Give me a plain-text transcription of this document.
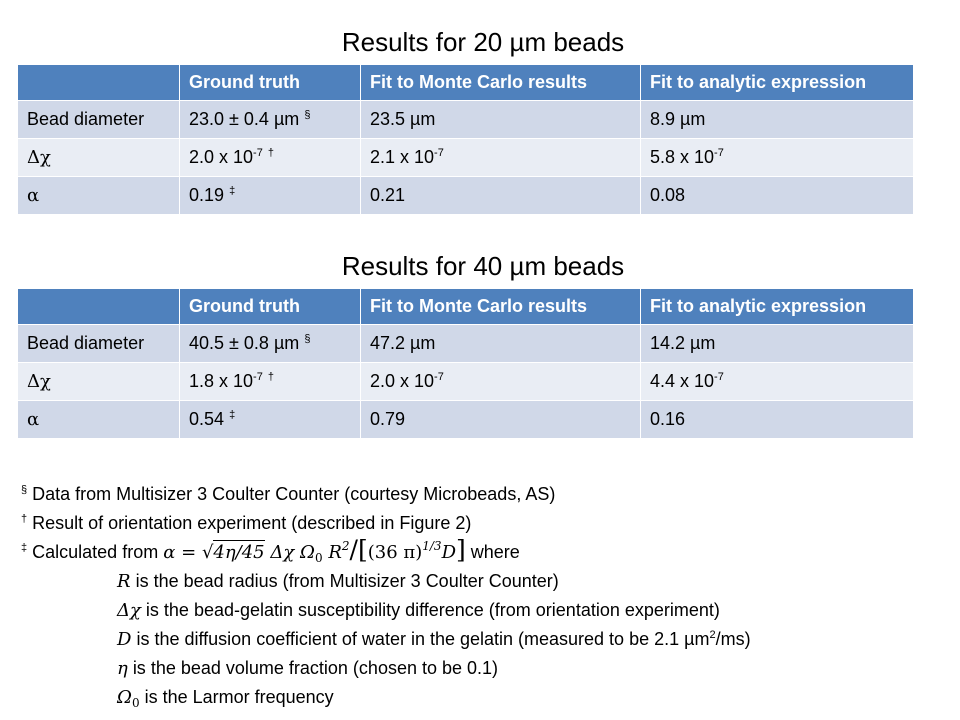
Results for 20 µm beads
	Ground truth	Fit to Monte Carlo results	Fit to analytic expression
Bead diameter	23.0 ± 0.4 µm §	23.5 µm	8.9 µm
Δχ	2.0 x $10^{-7}$ †	2.1 x $10^{-7}$	5.8 x $10^{-7}$
α	0.19 ‡	0.21	0.08
Results for 40 µm beads
	Ground truth	Fit to Monte Carlo results	Fit to analytic expression
Bead diameter	40.5 ± 0.8 µm §	47.2 µm	14.2 µm
Δχ	1.8 x $10^{-7}$ †	2.0 x $10^{-7}$	4.4 x $10^{-7}$
α	0.54 ‡	0.79	0.16
§ Data from Multisizer 3 Coulter Counter (courtesy Microbeads, AS)
† Result of orientation experiment (described in Figure 2)
‡ Calculated from α = √4η/45 Δχ $\Omega_0$ $R^2/[(36$ π)$^{1/3}$D] where
R is the bead radius (from Multisizer 3 Coulter Counter)
Δχ is the bead-gelatin susceptibility difference (from orientation experiment)
D is the diffusion coefficient of water in the gelatin (measured to be 2.1 µm$^2$/ms)
η is the bead volume fraction (chosen to be 0.1)
$\Omega_0$ is the Larmor frequency
